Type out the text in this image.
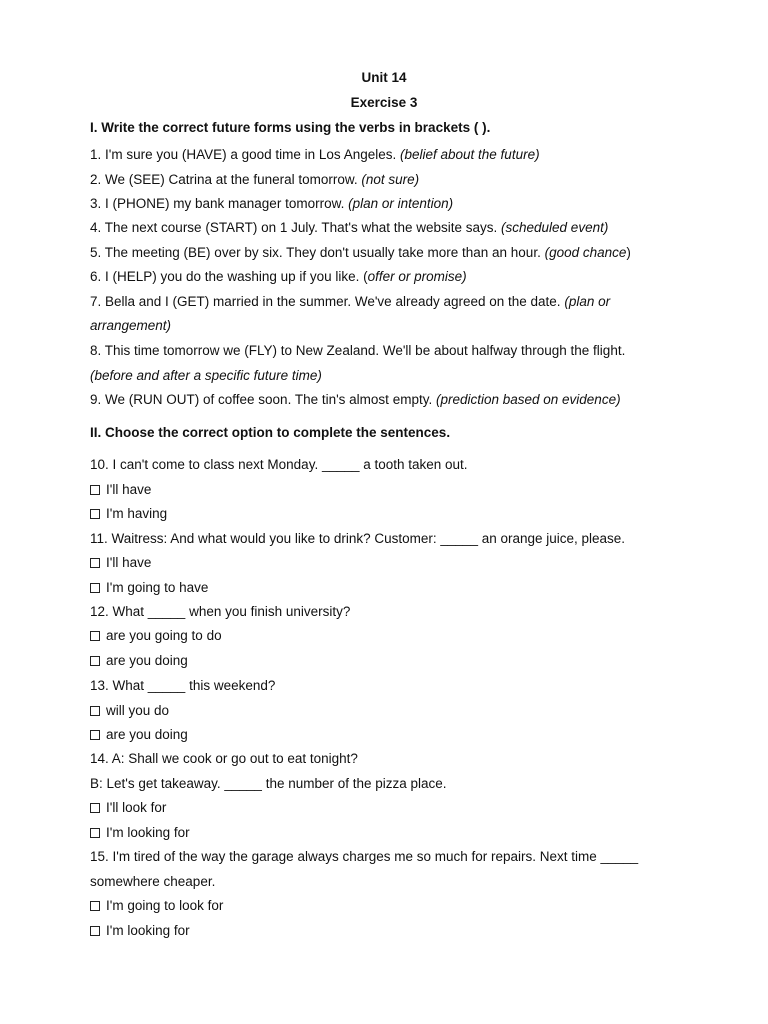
Unit 14
Exercise 3
I. Write the correct future forms using the verbs in brackets ( ).
1. I'm sure you (HAVE) a good time in Los Angeles. (belief about the future)
2. We (SEE) Catrina at the funeral tomorrow. (not sure)
3. I (PHONE) my bank manager tomorrow. (plan or intention)
4. The next course (START) on 1 July. That's what the website says. (scheduled event)
5. The meeting (BE) over by six. They don't usually take more than an hour. (good chance)
6. I (HELP) you do the washing up if you like. (offer or promise)
7. Bella and I (GET) married in the summer. We've already agreed on the date. (plan or
arrangement)
8. This time tomorrow we (FLY) to New Zealand. We'll be about halfway through the flight.
(before and after a specific future time)
9. We (RUN OUT) of coffee soon. The tin's almost empty. (prediction based on evidence)
II. Choose the correct option to complete the sentences.
10. I can't come to class next Monday. _____ a tooth taken out.
I'll have
I'm having
11. Waitress: And what would you like to drink? Customer: _____ an orange juice, please.
I'll have
I'm going to have
12. What _____ when you finish university?
are you going to do
are you doing
13. What _____ this weekend?
will you do
are you doing
14. A: Shall we cook or go out to eat tonight?
B: Let's get takeaway. _____ the number of the pizza place.
I'll look for
I'm looking for
15. I'm tired of the way the garage always charges me so much for repairs. Next time _____
somewhere cheaper.
I'm going to look for
I'm looking for
